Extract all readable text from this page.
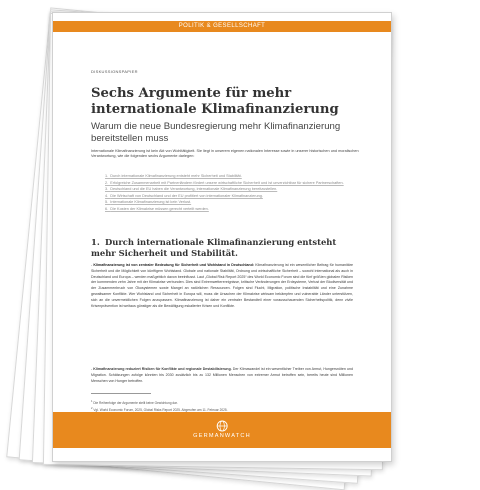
POLITIK & GESELLSCHAFT
DISKUSSIONSPAPIER
Sechs Argumente für mehr internationale Klimafinanzierung

Warum die neue Bundesregierung mehr Klimafinanzierung bereitstellen muss

Internationale Klimafinanzierung ist kein Akt von Wohltätigkeit. Sie liegt in unserem eigenen nationalen Interesse sowie in unserer historischen und moralischen Verantwortung, wie die folgenden sechs Argumente darlegen:

1.  Durch internationale Klimafinanzierung entsteht mehr Sicherheit und Stabilität.
2.  Erfolgreiche Zusammenarbeit mit Partnerländern fördert unsere wirtschaftliche Sicherheit und ist unverzichtbar für sichere Partnerschaften.
3.  Deutschland und die EU haben die Verantwortung, internationale Klimafinanzierung bereitzustellen.
4.  Die Wirtschaft von Deutschland und der EU profitiert von internationaler Klimafinanzierung.
5.  Internationale Klimafinanzierung ist kein Verlust.
6.  Die Kosten der Klimakrise müssen gerecht verteilt werden.
1. Durch internationale Klimafinanzierung entsteht mehr Sicherheit und Stabilität.

- Klimafinanzierung ist von zentraler Bedeutung für Sicherheit und Wohlstand in Deutschland: Klimafinanzierung ist ein wesentlicher Beitrag für humanitäre Sicherheit und die Möglichkeit von künftigem Wohlstand. Globale und nationale Stabilität, Ordnung und wirtschaftliche Sicherheit – sowohl international als auch in Deutschland und Europa – werden maßgeblich davon beeinflusst. Laut „Global Risk Report 2025“ des World Economic Forum sind die fünf größten globalen Risiken der kommenden zehn Jahre mit der Klimakrise verbunden. Dies sind Extremwetterereignisse, kritische Veränderungen der Erdsysteme, Verlust der Biodiversität und der Zusammenbruch von Ökosystemen sowie Mangel an natürlichen Ressourcen. Folgen sind Flucht, Migration, politische Instabilität und eine Zunahme gewaltsamer Konflikte. Wer Wohlstand und Sicherheit in Europa will, muss die Ursachen der Klimakrise wirksam bekämpfen und vulnerable Länder unterstützen, sich an die unvermeidlichen Folgen anzupassen. Klimafinanzierung ist daher ein zentraler Bestandteil einer vorausschauenden Sicherheitspolitik, denn zivile Krisenprävention ist weitaus günstiger als die Bewältigung eskalierter Krisen und Konflikte.

- Klimafinanzierung reduziert Risiken für Konflikte und regionale Destabilisierung. Der Klimawandel ist ein wesentlicher Treiber von Armut, Hungersnöten und Migration. Schätzungen zufolge könnten bis 2030 zusätzlich bis zu 132 Millionen Menschen von extremer Armut betroffen sein, bereits heute sind Millionen Menschen von Hunger betroffen.

$^1$ Die Reihenfolge der Argumente stellt keine Gewichtung dar.
$^2$ Vgl. World Economic Forum, 2025, Global Risks Report 2025. Abgerufen am 11. Februar 2025.
GERMANWATCH
